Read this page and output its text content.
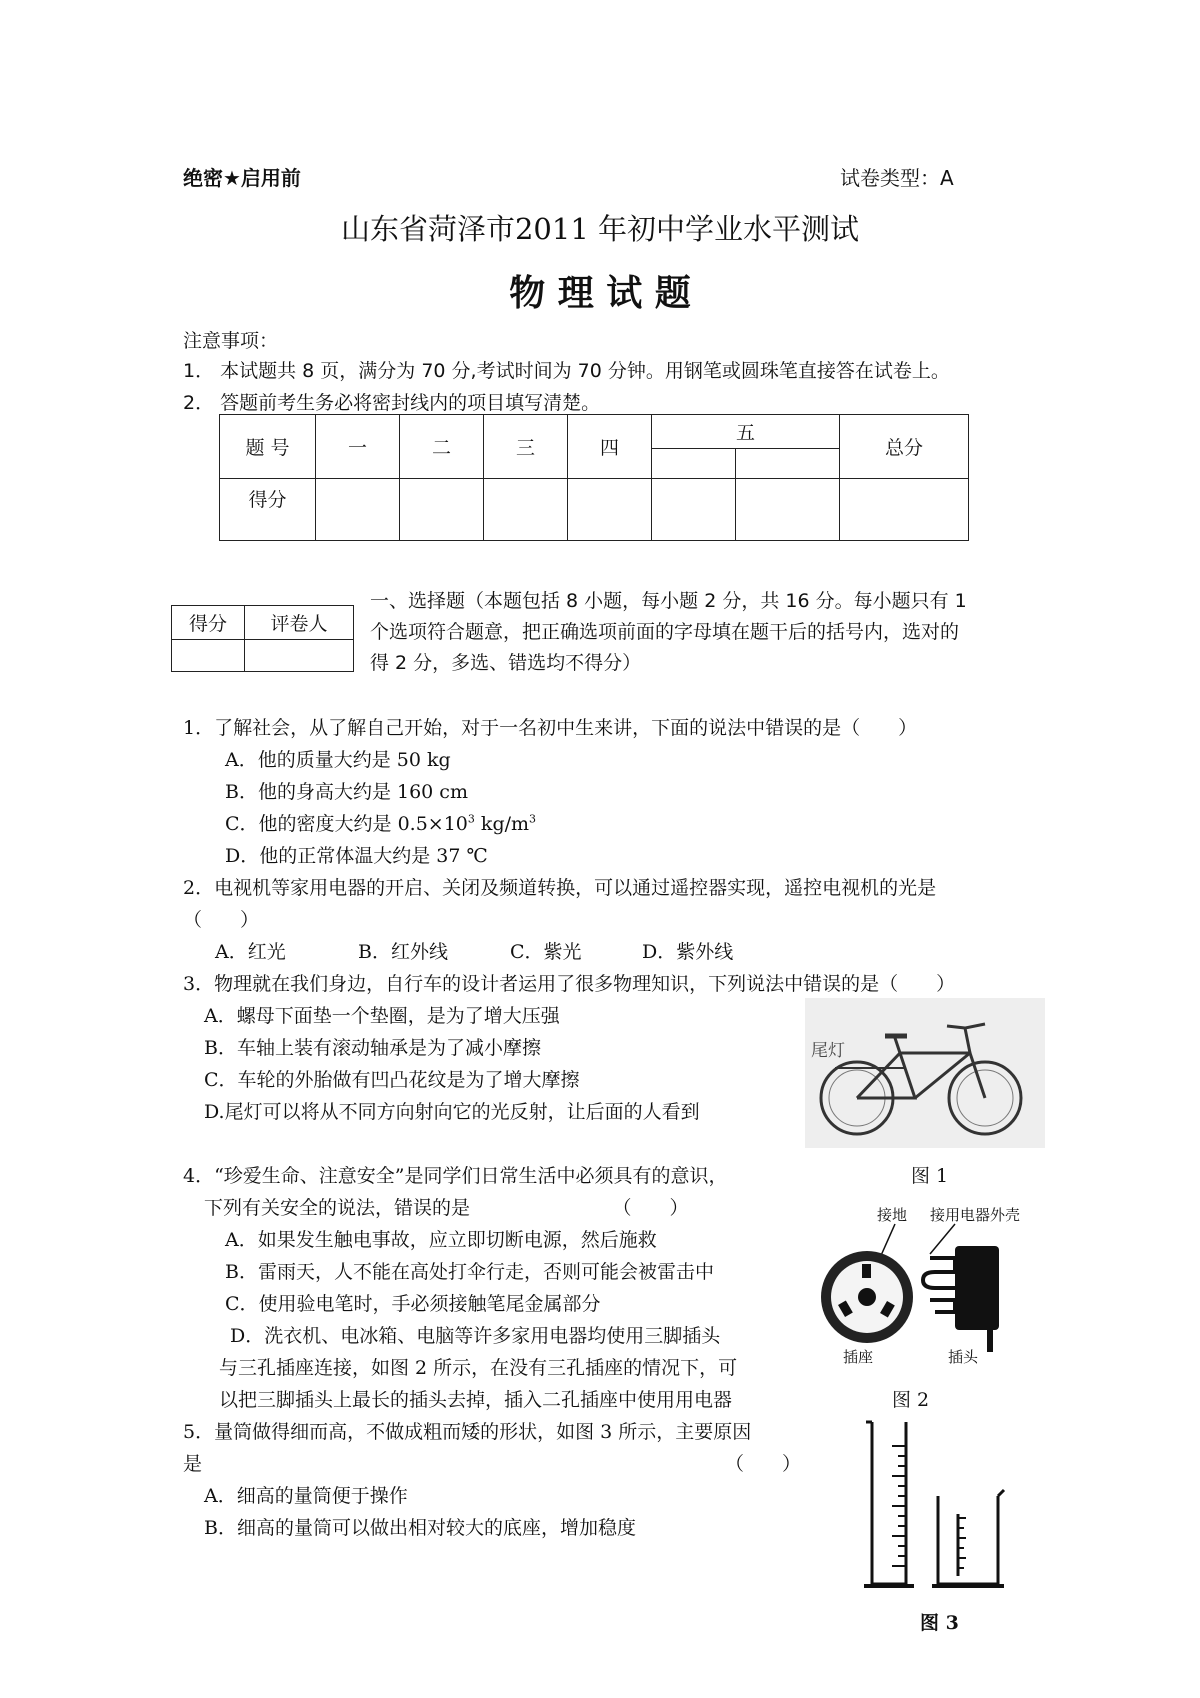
绝密★启用前	试卷类型：A
山东省菏泽市2011 年初中学业水平测试
物 理 试 题
注意事项：
1． 本试题共 8 页，满分为 70 分,考试时间为 70 分钟。用钢笔或圆珠笔直接答在试卷上。
2． 答题前考生务必将密封线内的项目填写清楚。
题 号	一	二	三	四	五		总分

得分							
得分	评卷人

一、选择题（本题包括 8 小题，每小题 2 分，共 16 分。每小题只有 1
个选项符合题意，把正确选项前面的字母填在题干后的括号内，选对的
得 2 分，多选、错选均不得分）
1．了解社会，从了解自己开始，对于一名初中生来讲，下面的说法中错误的是（　　）
A．他的质量大约是 50 kg
B．他的身高大约是 160 cm
C．他的密度大约是 $0.5\times 10^3$ $kg/m^3$
D．他的正常体温大约是 37 ℃
2．电视机等家用电器的开启、关闭及频道转换，可以通过遥控器实现，遥控电视机的光是
（　　）
A．红光	B．红外线	C．紫光	D．紫外线
3．物理就在我们身边，自行车的设计者运用了很多物理知识，下列说法中错误的是（　　）
A．螺母下面垫一个垫圈，是为了增大压强
B．车轴上装有滚动轴承是为了减小摩擦
C．车轮的外胎做有凹凸花纹是为了增大摩擦
D.尾灯可以将从不同方向射向它的光反射，让后面的人看到
尾灯
图 1
4．“珍爱生命、注意安全”是同学们日常生活中必须具有的意识，
下列有关安全的说法，错误的是　　　　　　　　（　　）
A．如果发生触电事故，应立即切断电源，然后施救
B．雷雨天，人不能在高处打伞行走，否则可能会被雷击中
C．使用验电笔时，手必须接触笔尾金属部分
D．洗衣机、电冰箱、电脑等许多家用电器均使用三脚插头
与三孔插座连接，如图 2 所示，在没有三孔插座的情况下，可
以把三脚插头上最长的插头去掉，插入二孔插座中使用用电器
接地 接用电器外壳
插座	插头
图 2
5．量筒做得细而高，不做成粗而矮的形状，如图 3 所示，主要原因
是	（　　）
A．细高的量筒便于操作
B．细高的量筒可以做出相对较大的底座，增加稳度
图 3
